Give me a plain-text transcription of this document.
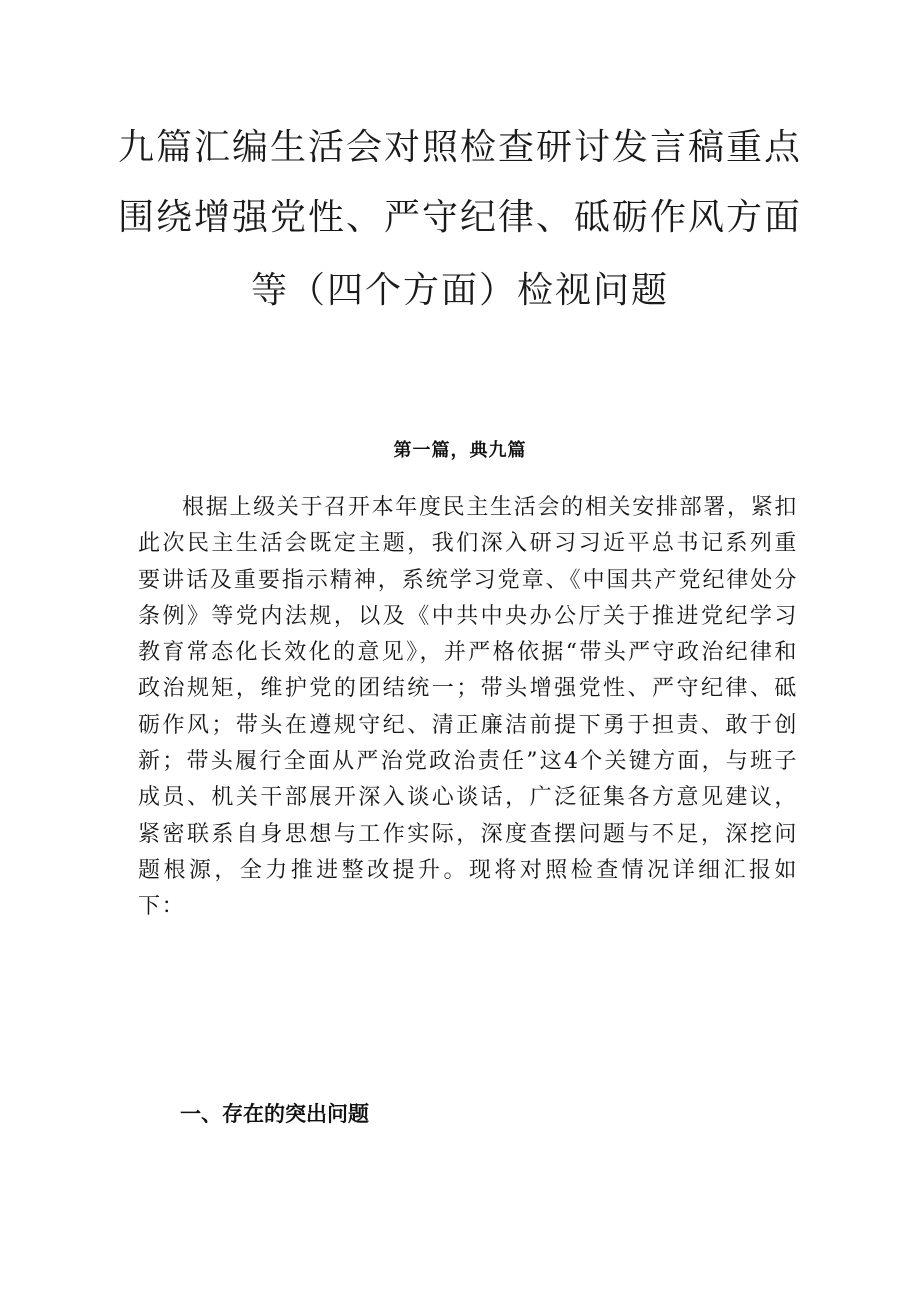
九篇汇编生活会对照检查研讨发言稿重点
围绕增强党性、严守纪律、砥砺作风方面
等（四个方面）检视问题
第一篇，典九篇

根据上级关于召开本年度民主生活会的相关安排部署，紧扣此次民主生活会既定主题，我们深入研习习近平总书记系列重要讲话及重要指示精神，系统学习党章、《中国共产党纪律处分条例》等党内法规，以及《中共中央办公厅关于推进党纪学习教育常态化长效化的意见》，并严格依据“带头严守政治纪律和政治规矩，维护党的团结统一；带头增强党性、严守纪律、砥砺作风；带头在遵规守纪、清正廉洁前提下勇于担责、敢于创新；带头履行全面从严治党政治责任”这4个关键方面，与班子成员、机关干部展开深入谈心谈话，广泛征集各方意见建议，紧密联系自身思想与工作实际，深度查摆问题与不足，深挖问题根源，全力推进整改提升。现将对照检查情况详细汇报如下：

一、存在的突出问题
